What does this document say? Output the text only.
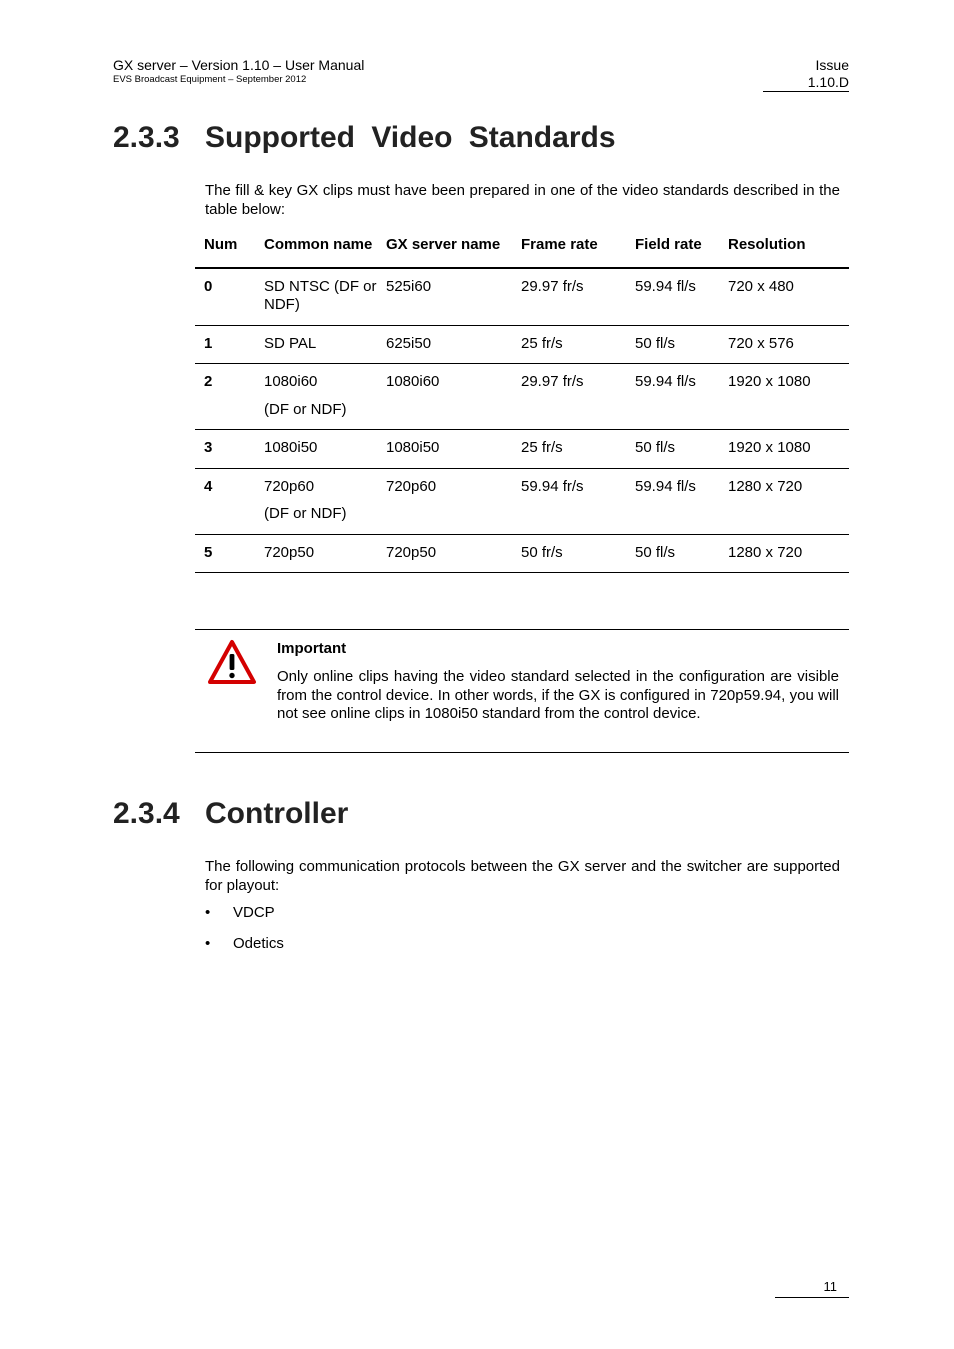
GX server – Version 1.10 – User Manual
EVS Broadcast Equipment – September 2012
Issue
1.10.D
2.3.3 Supported Video Standards
The fill & key GX clips must have been prepared in one of the video standards described in the table below:
Num	Common name	GX server name	Frame rate	Field rate	Resolution
0	SD NTSC (DF or NDF)	525i60	29.97 fr/s	59.94 fl/s	720 x 480
1	SD PAL	625i50	25 fr/s	50 fl/s	720 x 576
2	1080i60
(DF or NDF)	1080i60	29.97 fr/s	59.94 fl/s	1920 x 1080
3	1080i50	1080i50	25 fr/s	50 fl/s	1920 x 1080
4	720p60
(DF or NDF)	720p60	59.94 fr/s	59.94 fl/s	1280 x 720
5	720p50	720p50	50 fr/s	50 fl/s	1280 x 720
Important
Only online clips having the video standard selected in the configuration are visible from the control device. In other words, if the GX is configured in 720p59.94, you will not see online clips in 1080i50 standard from the control device.
2.3.4 Controller
The following communication protocols between the GX server and the switcher are supported for playout:
• VDCP
• Odetics
11
